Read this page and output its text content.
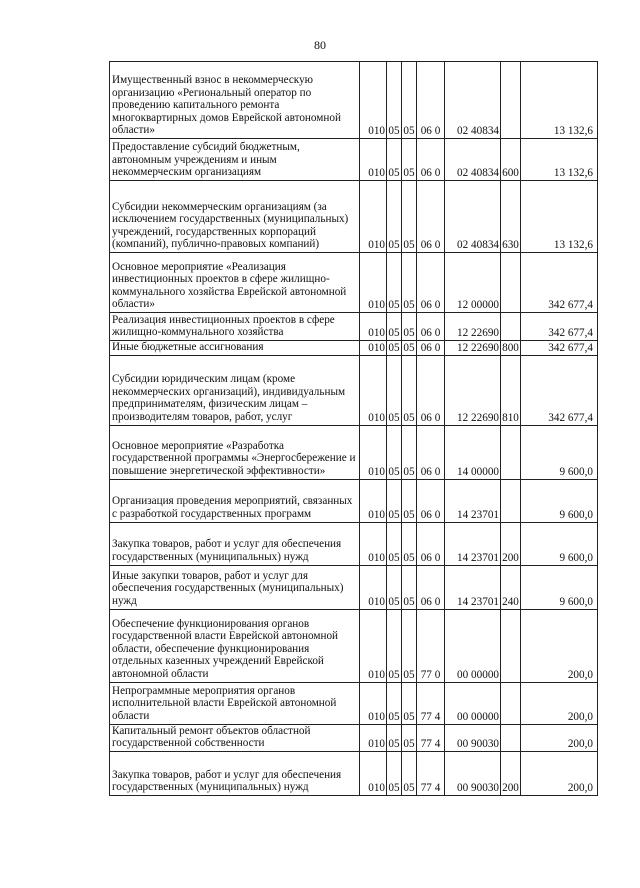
80
Имущественный взнос в некоммерческую организацию «Региональный оператор по проведению капитального ремонта многоквартирных домов Еврейской автономной области»	010	05	05	06 0	02 40834		13 132,6
Предоставление субсидий бюджетным, автономным учреждениям и иным некоммерческим организациям	010	05	05	06 0	02 40834	600	13 132,6
Субсидии некоммерческим организациям (за исключением государственных (муниципальных) учреждений, государственных корпораций (компаний), публично-правовых компаний)	010	05	05	06 0	02 40834	630	13 132,6
Основное мероприятие «Реализация инвестиционных проектов в сфере жилищно-коммунального хозяйства Еврейской автономной области»	010	05	05	06 0	12 00000		342 677,4
Реализация инвестиционных проектов в сфере жилищно-коммунального хозяйства	010	05	05	06 0	12 22690		342 677,4
Иные бюджетные ассигнования	010	05	05	06 0	12 22690	800	342 677,4
Субсидии юридическим лицам (кроме некоммерческих организаций), индивидуальным предпринимателям, физическим лицам – производителям товаров, работ, услуг	010	05	05	06 0	12 22690	810	342 677,4
Основное мероприятие «Разработка государственной программы «Энергосбережение и повышение энергетической эффективности»	010	05	05	06 0	14 00000		9 600,0
Организация проведения мероприятий, связанных с разработкой государственных программ	010	05	05	06 0	14 23701		9 600,0
Закупка товаров, работ и услуг для обеспечения государственных (муниципальных) нужд	010	05	05	06 0	14 23701	200	9 600,0
Иные закупки товаров, работ и услуг для обеспечения государственных (муниципальных) нужд	010	05	05	06 0	14 23701	240	9 600,0
Обеспечение функционирования органов государственной власти Еврейской автономной области, обеспечение функционирования отдельных казенных учреждений Еврейской автономной области	010	05	05	77 0	00 00000		200,0
Непрограммные мероприятия органов исполнительной власти Еврейской автономной области	010	05	05	77 4	00 00000		200,0
Капитальный ремонт объектов областной государственной собственности	010	05	05	77 4	00 90030		200,0
Закупка товаров, работ и услуг для обеспечения государственных (муниципальных) нужд	010	05	05	77 4	00 90030	200	200,0
